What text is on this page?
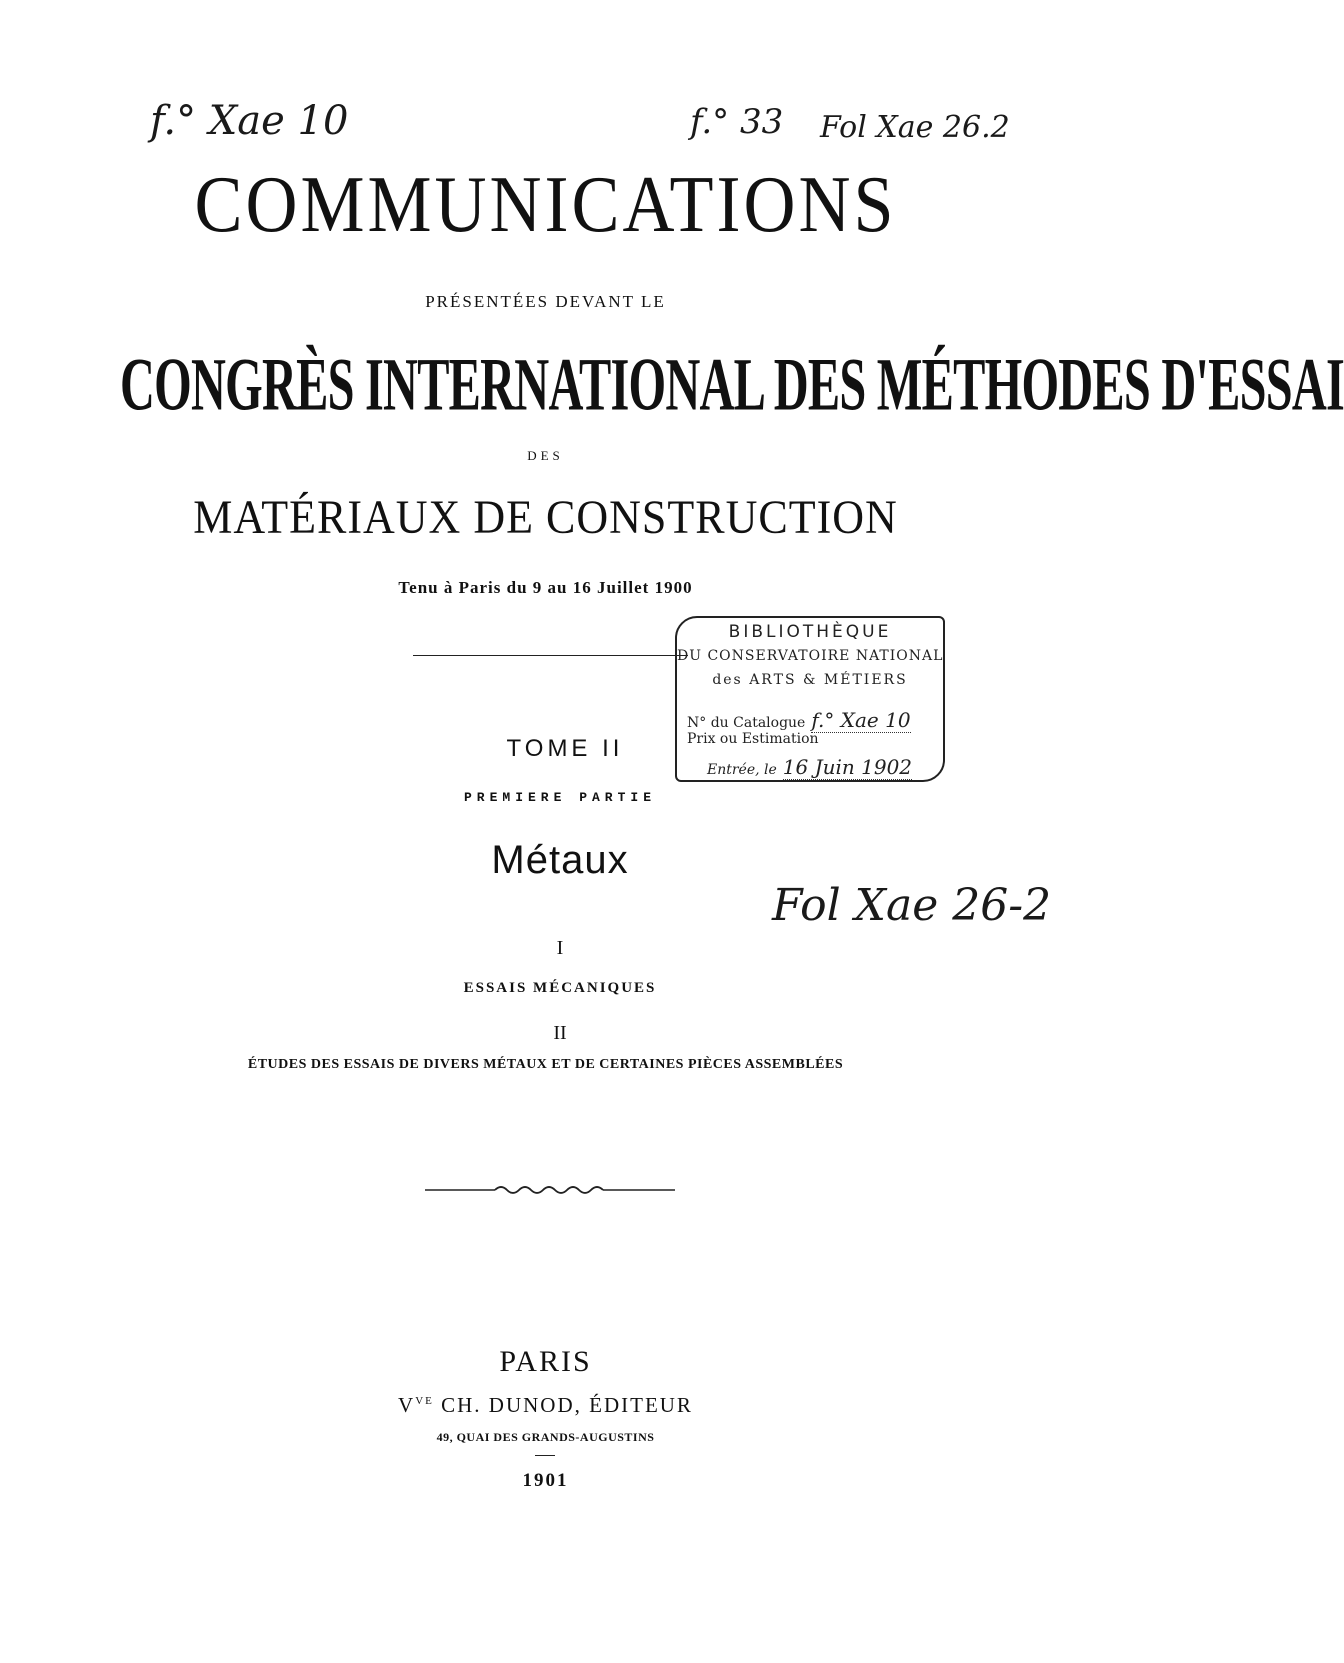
f.° Xae 10	f.° 33 Fol Xae 26.2
Fol Xae 26-2
COMMUNICATIONS
PRÉSENTÉES DEVANT LE
CONGRÈS INTERNATIONAL DES MÉTHODES D'ESSAI
DES
MATÉRIAUX DE CONSTRUCTION
Tenu à Paris du 9 au 16 Juillet 1900
BIBLIOTHÈQUE
DU CONSERVATOIRE NATIONAL
des ARTS & MÉTIERS
N° du Catalogue f.° Xae 10
Prix ou Estimation
Entrée, le 16 Juin 1902
TOME II
PREMIERE PARTIE
Métaux
I
ESSAIS MÉCANIQUES
II
ÉTUDES DES ESSAIS DE DIVERS MÉTAUX ET DE CERTAINES PIÈCES ASSEMBLÉES
PARIS
$V^{VE}$ CH. DUNOD, ÉDITEUR
49, QUAI DES GRANDS-AUGUSTINS
1901
